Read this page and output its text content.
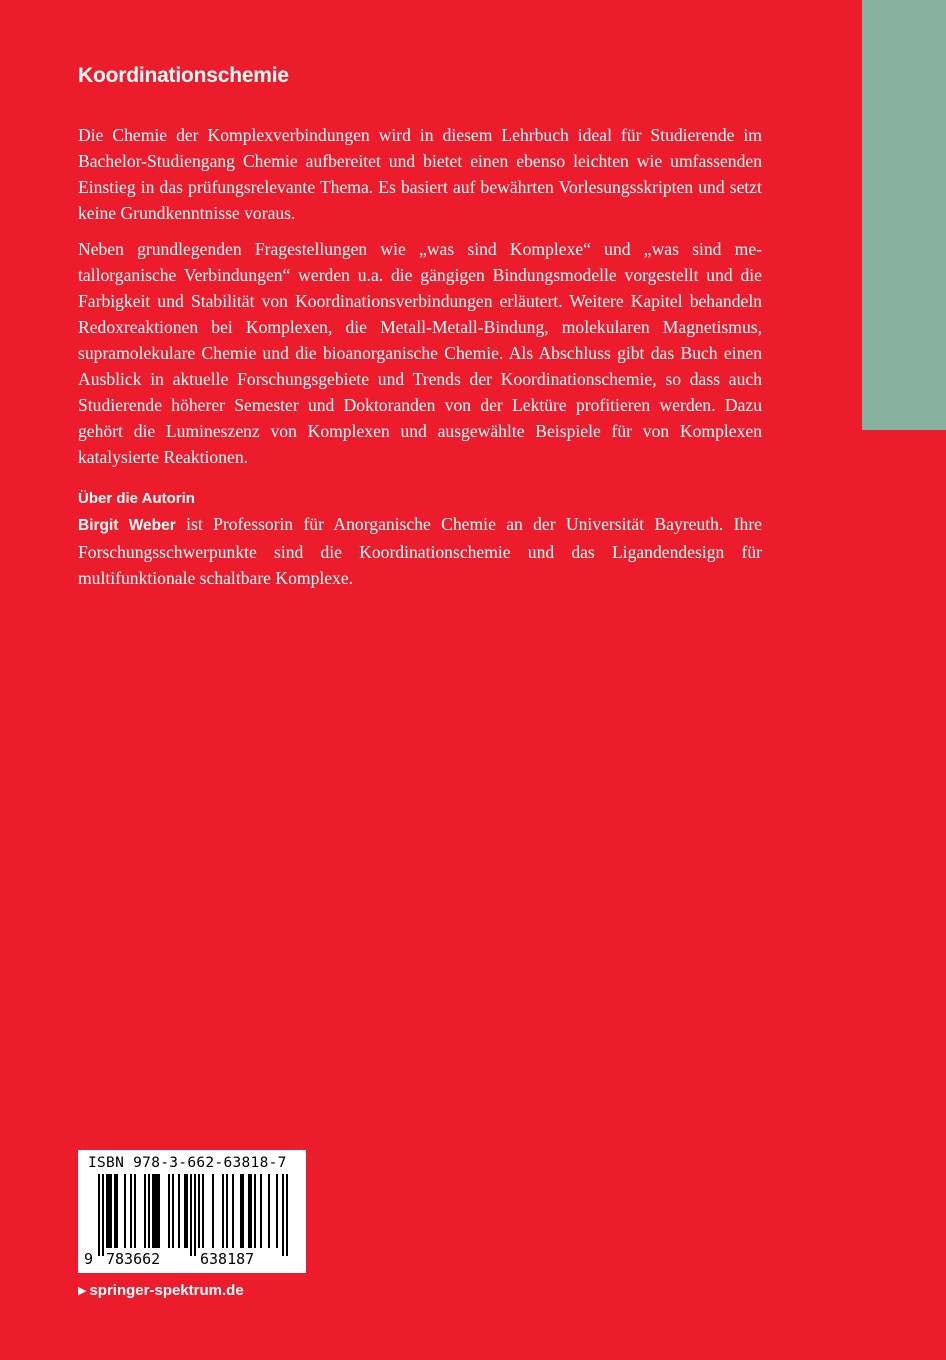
Koordinationschemie

Die Chemie der Komplexverbindungen wird in diesem Lehrbuch ideal für Studierende im Bachelor-Studiengang Chemie aufbereitet und bietet einen ebenso leichten wie umfassenden Einstieg in das prüfungsrelevante Thema. Es basiert auf bewährten Vorlesungsskripten und setzt keine Grundkenntnisse voraus.

Neben grundlegenden Fragestellungen wie „was sind Komplexe“ und „was sind metallorganische Verbindungen“ werden u.a. die gängigen Bindungsmodelle vorgestellt und die Farbigkeit und Stabilität von Koordinationsverbindungen erläutert. Weitere Kapitel behandeln Redoxreaktionen bei Komplexen, die Metall-Metall-Bindung, molekularen Magnetismus, supramolekulare Chemie und die bioanorganische Chemie. Als Abschluss gibt das Buch einen Ausblick in aktuelle Forschungsgebiete und Trends der Koordinationschemie, so dass auch Studierende höherer Semester und Doktoranden von der Lektüre profitieren werden. Dazu gehört die Lumineszenz von Komplexen und ausgewählte Beispiele für von Komplexen katalysierte Reaktionen.

Über die Autorin

Birgit Weber ist Professorin für Anorganische Chemie an der Universität Bayreuth. Ihre Forschungsschwerpunkte sind die Koordinationschemie und das Ligandendesign für multifunktionale schaltbare Komplexe.

9 783662	638187
ISBN 978-3-662-63818-7
▶ springer-spektrum.de
